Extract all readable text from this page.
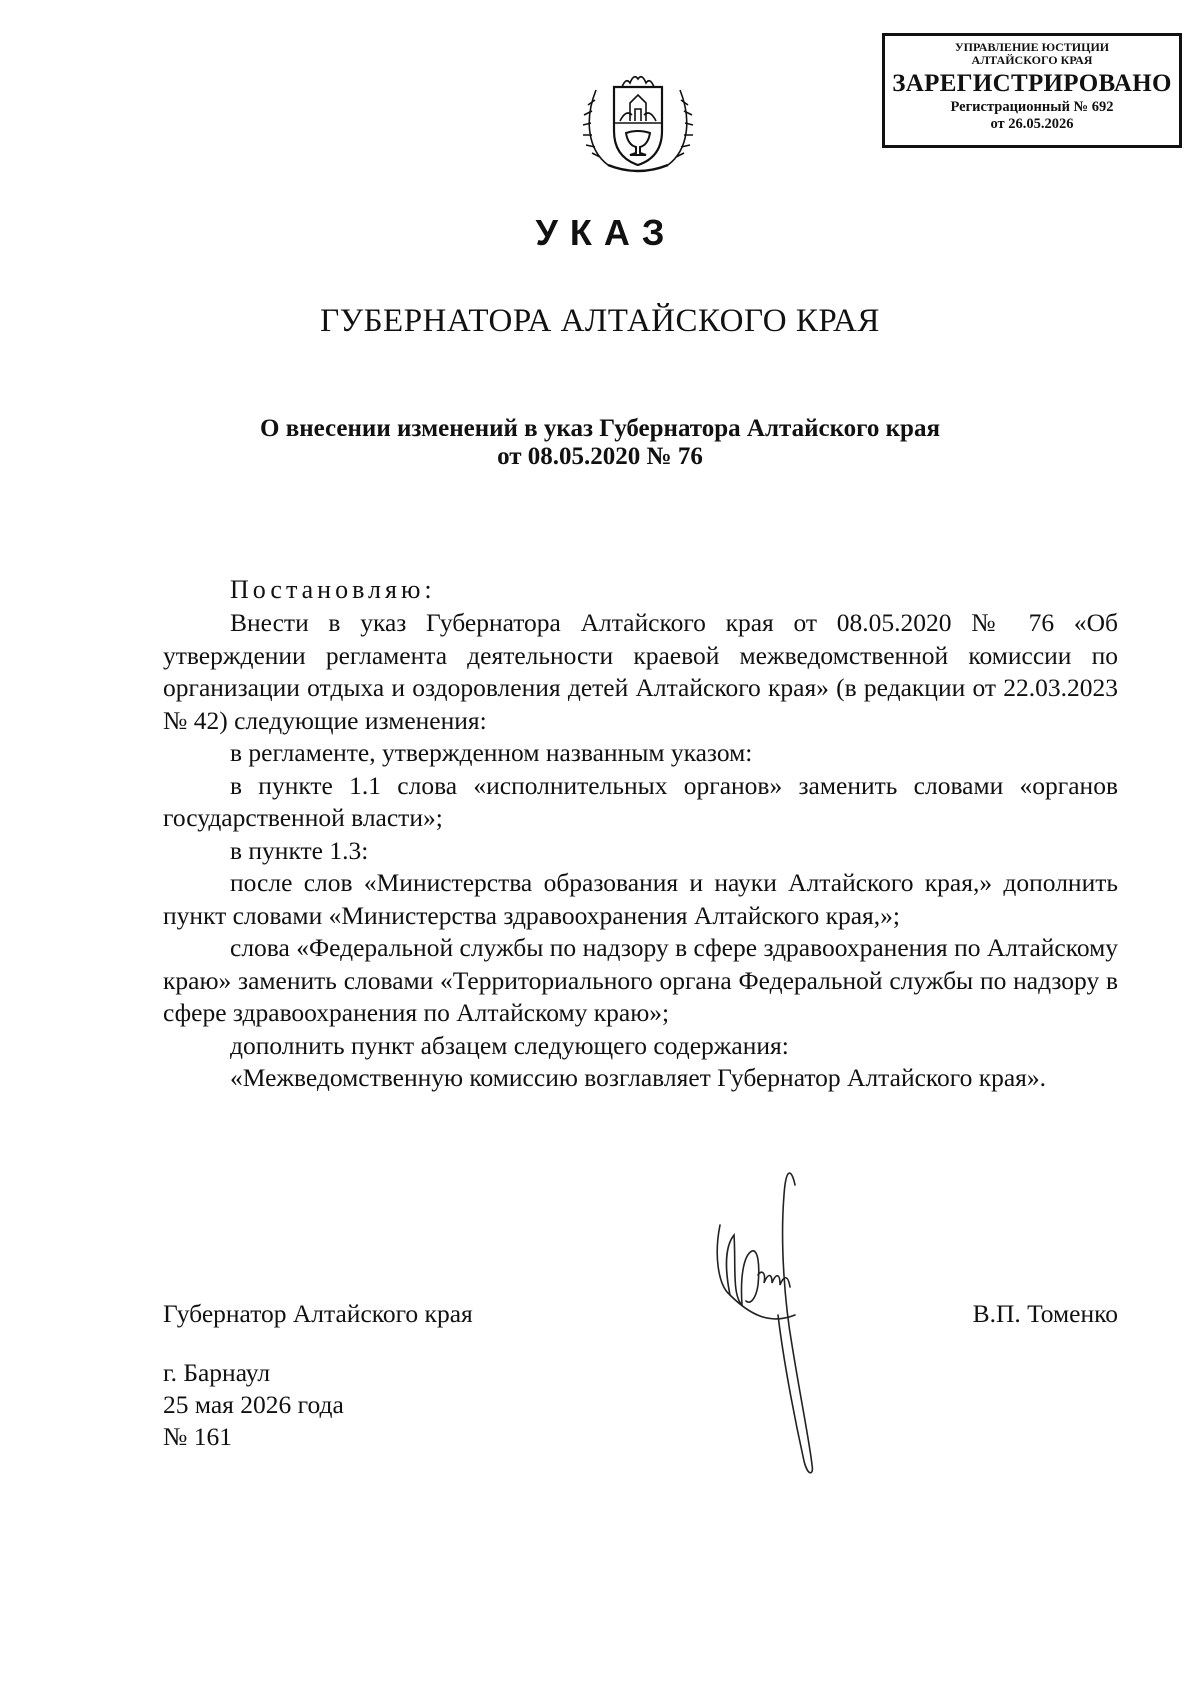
УПРАВЛЕНИЕ ЮСТИЦИИ
АЛТАЙСКОГО КРАЯ
ЗАРЕГИСТРИРОВАНО
Регистрационный № 692
от 26.05.2026
УКАЗ
ГУБЕРНАТОРА АЛТАЙСКОГО КРАЯ
О внесении изменений в указ Губернатора Алтайского края
от 08.05.2020 № 76
Постановляю:

Внести в указ Губернатора Алтайского края от 08.05.2020 № 76 «Об утверждении регламента деятельности краевой межведомственной комиссии по организации отдыха и оздоровления детей Алтайского края» (в редакции от 22.03.2023 № 42) следующие изменения:

в регламенте, утвержденном названным указом:

в пункте 1.1 слова «исполнительных органов» заменить словами «органов государственной власти»;

в пункте 1.3:

после слов «Министерства образования и науки Алтайского края,» дополнить пункт словами «Министерства здравоохранения Алтайского края,»;

слова «Федеральной службы по надзору в сфере здравоохранения по Алтайскому краю» заменить словами «Территориального органа Федеральной службы по надзору в сфере здравоохранения по Алтайскому краю»;

дополнить пункт абзацем следующего содержания:

«Межведомственную комиссию возглавляет Губернатор Алтайского края».

Губернатор Алтайского края	В.П. Томенко
г. Барнаул
25 мая 2026 года
№ 161
